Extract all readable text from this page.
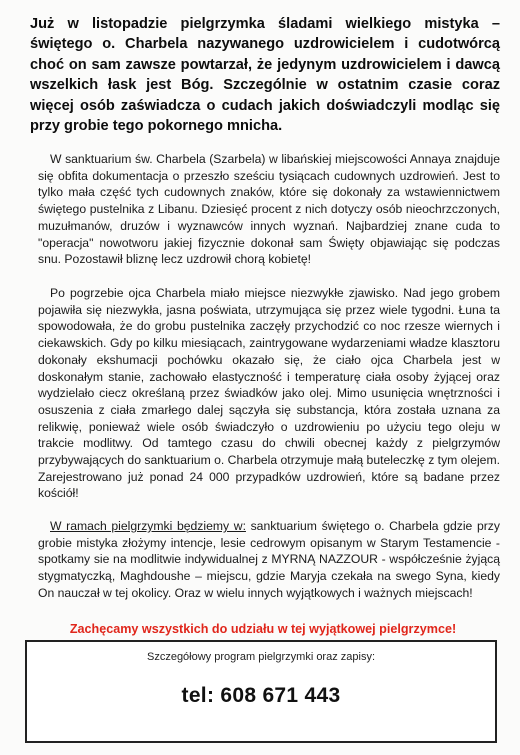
Już w listopadzie pielgrzymka śladami wielkiego mistyka – świętego o. Charbela nazywanego uzdrowicielem i cudotwórcą choć on sam zawsze powtarzał, że jedynym uzdrowicielem i dawcą wszelkich łask jest Bóg. Szczególnie w ostatnim czasie coraz więcej osób zaświadcza o cudach jakich doświadczyli modląc się przy grobie tego pokornego mnicha.
W sanktuarium św. Charbela (Szarbela) w libańskiej miejscowości Annaya znajduje się obfita dokumentacja o przeszło sześciu tysiącach cudownych uzdrowień. Jest to tylko mała część tych cudownych znaków, które się dokonały za wstawiennictwem świętego pustelnika z Libanu. Dziesięć procent z nich dotyczy osób nieochrzczonych, muzułmanów, druzów i wyznawców innych wyznań. Najbardziej znane cuda to "operacja" nowotworu jakiej fizycznie dokonał sam Święty objawiając się podczas snu. Pozostawił bliznę lecz uzdrowił chorą kobietę!
Po pogrzebie ojca Charbela miało miejsce niezwykłe zjawisko. Nad jego grobem pojawiła się niezwykła, jasna poświata, utrzymująca się przez wiele tygodni. Łuna ta spowodowała, że do grobu pustelnika zaczęły przychodzić co noc rzesze wiernych i ciekawskich. Gdy po kilku miesiącach, zaintrygowane wydarzeniami władze klasztoru dokonały ekshumacji pochówku okazało się, że ciało ojca Charbela jest w doskonałym stanie, zachowało elastyczność i temperaturę ciała osoby żyjącej oraz wydzielało ciecz określaną przez świadków jako olej. Mimo usunięcia wnętrzności i osuszenia z ciała zmarłego dalej sączyła się substancja, która została uznana za relikwię, ponieważ wiele osób świadczyło o uzdrowieniu po użyciu tego oleju w trakcie modlitwy. Od tamtego czasu do chwili obecnej każdy z pielgrzymów przybywających do sanktuarium o. Charbela otrzymuje małą buteleczkę z tym olejem. Zarejestrowano już ponad 24 000 przypadków uzdrowień, które są badane przez kościół!
W ramach pielgrzymki będziemy w: sanktuarium świętego o. Charbela gdzie przy grobie mistyka złożymy intencje, lesie cedrowym opisanym w Starym Testamencie - spotkamy sie na modlitwie indywidualnej z MYRNĄ NAZZOUR - współcześnie żyjącą stygmatyczką, Maghdoushe – miejscu, gdzie Maryja czekała na swego Syna, kiedy On nauczał w tej okolicy. Oraz w wielu innych wyjątkowych i ważnych miejscach!
Zachęcamy wszystkich do udziału w tej wyjątkowej pielgrzymce!
Szczegółowy program pielgrzymki oraz zapisy:
tel: 608 671 443
